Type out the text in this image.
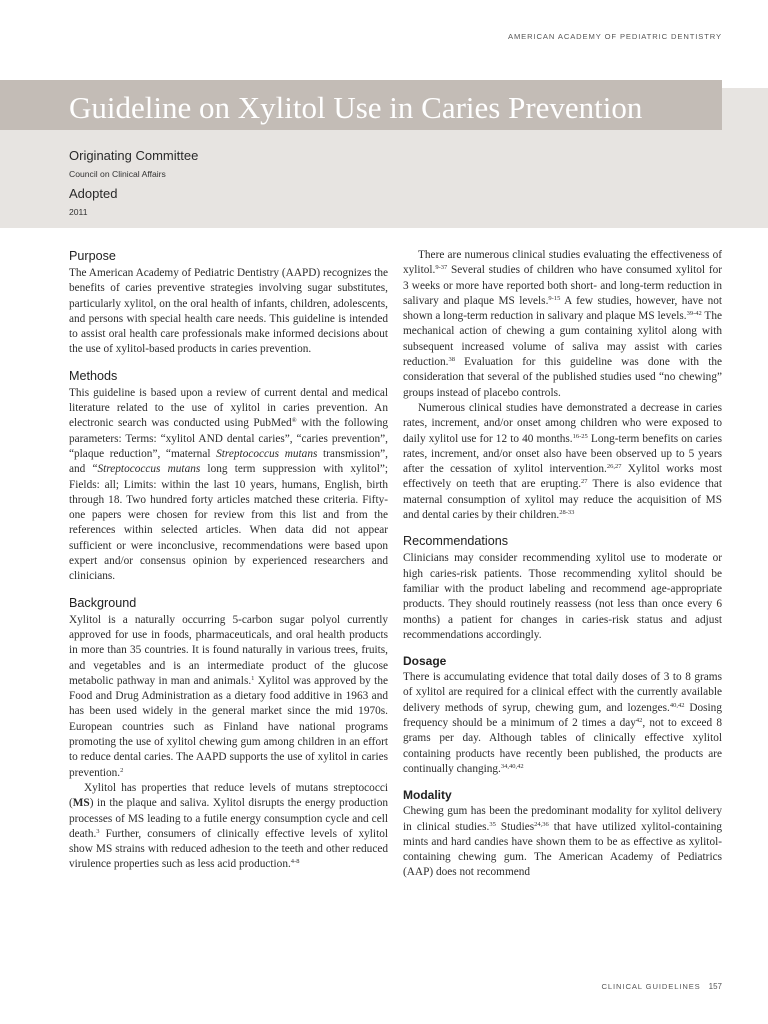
AMERICAN ACADEMY OF PEDIATRIC DENTISTRY
Guideline on Xylitol Use in Caries Prevention
Originating Committee
Council on Clinical Affairs
Adopted
2011
Purpose

The American Academy of Pediatric Dentistry (AAPD) recognizes the benefits of caries preventive strategies involving sugar substitutes, particularly xylitol, on the oral health of infants, children, adolescents, and persons with special health care needs. This guideline is intended to assist oral health care professionals make informed decisions about the use of xylitol-based products in caries prevention.

Methods

This guideline is based upon a review of current dental and medical literature related to the use of xylitol in caries prevention. An electronic search was conducted using PubMed® with the following parameters: Terms: “xylitol AND dental caries”, “caries prevention”, “plaque reduction”, “maternal Streptococcus mutans transmission”, and “Streptococcus mutans long term suppression with xylitol”; Fields: all; Limits: within the last 10 years, humans, English, birth through 18. Two hundred forty articles matched these criteria. Fifty-one papers were chosen for review from this list and from the references within selected articles. When data did not appear sufficient or were inconclusive, recommendations were based upon expert and/or consensus opinion by experienced researchers and clinicians.

Background

Xylitol is a naturally occurring 5-carbon sugar polyol currently approved for use in foods, pharmaceuticals, and oral health products in more than 35 countries. It is found naturally in various trees, fruits, and vegetables and is an intermediate product of the glucose metabolic pathway in man and animals.$^1$ Xylitol was approved by the Food and Drug Administration as a dietary food additive in 1963 and has been used widely in the general market since the mid 1970s. European countries such as Finland have national programs promoting the use of xylitol chewing gum among children in an effort to reduce dental caries. The AAPD supports the use of xylitol in caries prevention.$^2$

Xylitol has properties that reduce levels of mutans streptococci (MS) in the plaque and saliva. Xylitol disrupts the energy production processes of MS leading to a futile energy consumption cycle and cell death.$^3$ Further, consumers of clinically effective levels of xylitol show MS strains with reduced adhesion to the teeth and other reduced virulence properties such as less acid production.$^{4-8}$

There are numerous clinical studies evaluating the effectiveness of xylitol.$^{9-37}$ Several studies of children who have consumed xylitol for 3 weeks or more have reported both short- and long-term reduction in salivary and plaque MS levels.$^{9-15}$ A few studies, however, have not shown a long-term reduction in salivary and plaque MS levels.$^{39-42}$ The mechanical action of chewing a gum containing xylitol along with subsequent increased volume of saliva may assist with caries reduction.$^{38}$ Evaluation for this guideline was done with the consideration that several of the published studies used “no chewing” groups instead of placebo controls.

Numerous clinical studies have demonstrated a decrease in caries rates, increment, and/or onset among children who were exposed to daily xylitol use for 12 to 40 months.$^{16-25}$ Long-term benefits on caries rates, increment, and/or onset also have been observed up to 5 years after the cessation of xylitol intervention.$^{26,27}$ Xylitol works most effectively on teeth that are erupting.$^{27}$ There is also evidence that maternal consumption of xylitol may reduce the acquisition of MS and dental caries by their children.$^{28-33}$

Recommendations

Clinicians may consider recommending xylitol use to moderate or high caries-risk patients. Those recommending xylitol should be familiar with the product labeling and recommend age-appropriate products. They should routinely reassess (not less than once every 6 months) a patient for changes in caries-risk status and adjust recommendations accordingly.

Dosage

There is accumulating evidence that total daily doses of 3 to 8 grams of xylitol are required for a clinical effect with the currently available delivery methods of syrup, chewing gum, and lozenges.$^{40,42}$ Dosing frequency should be a minimum of 2 times a day$^{42}$, not to exceed 8 grams per day. Although tables of clinically effective xylitol containing products have recently been published, the products are continually changing.$^{34,40,42}$

Modality

Chewing gum has been the predominant modality for xylitol delivery in clinical studies.$^{35}$ Studies$^{24,36}$ that have utilized xylitol-containing mints and hard candies have shown them to be as effective as xylitol-containing chewing gum. The American Academy of Pediatrics (AAP) does not recommend

CLINICAL GUIDELINES 157
